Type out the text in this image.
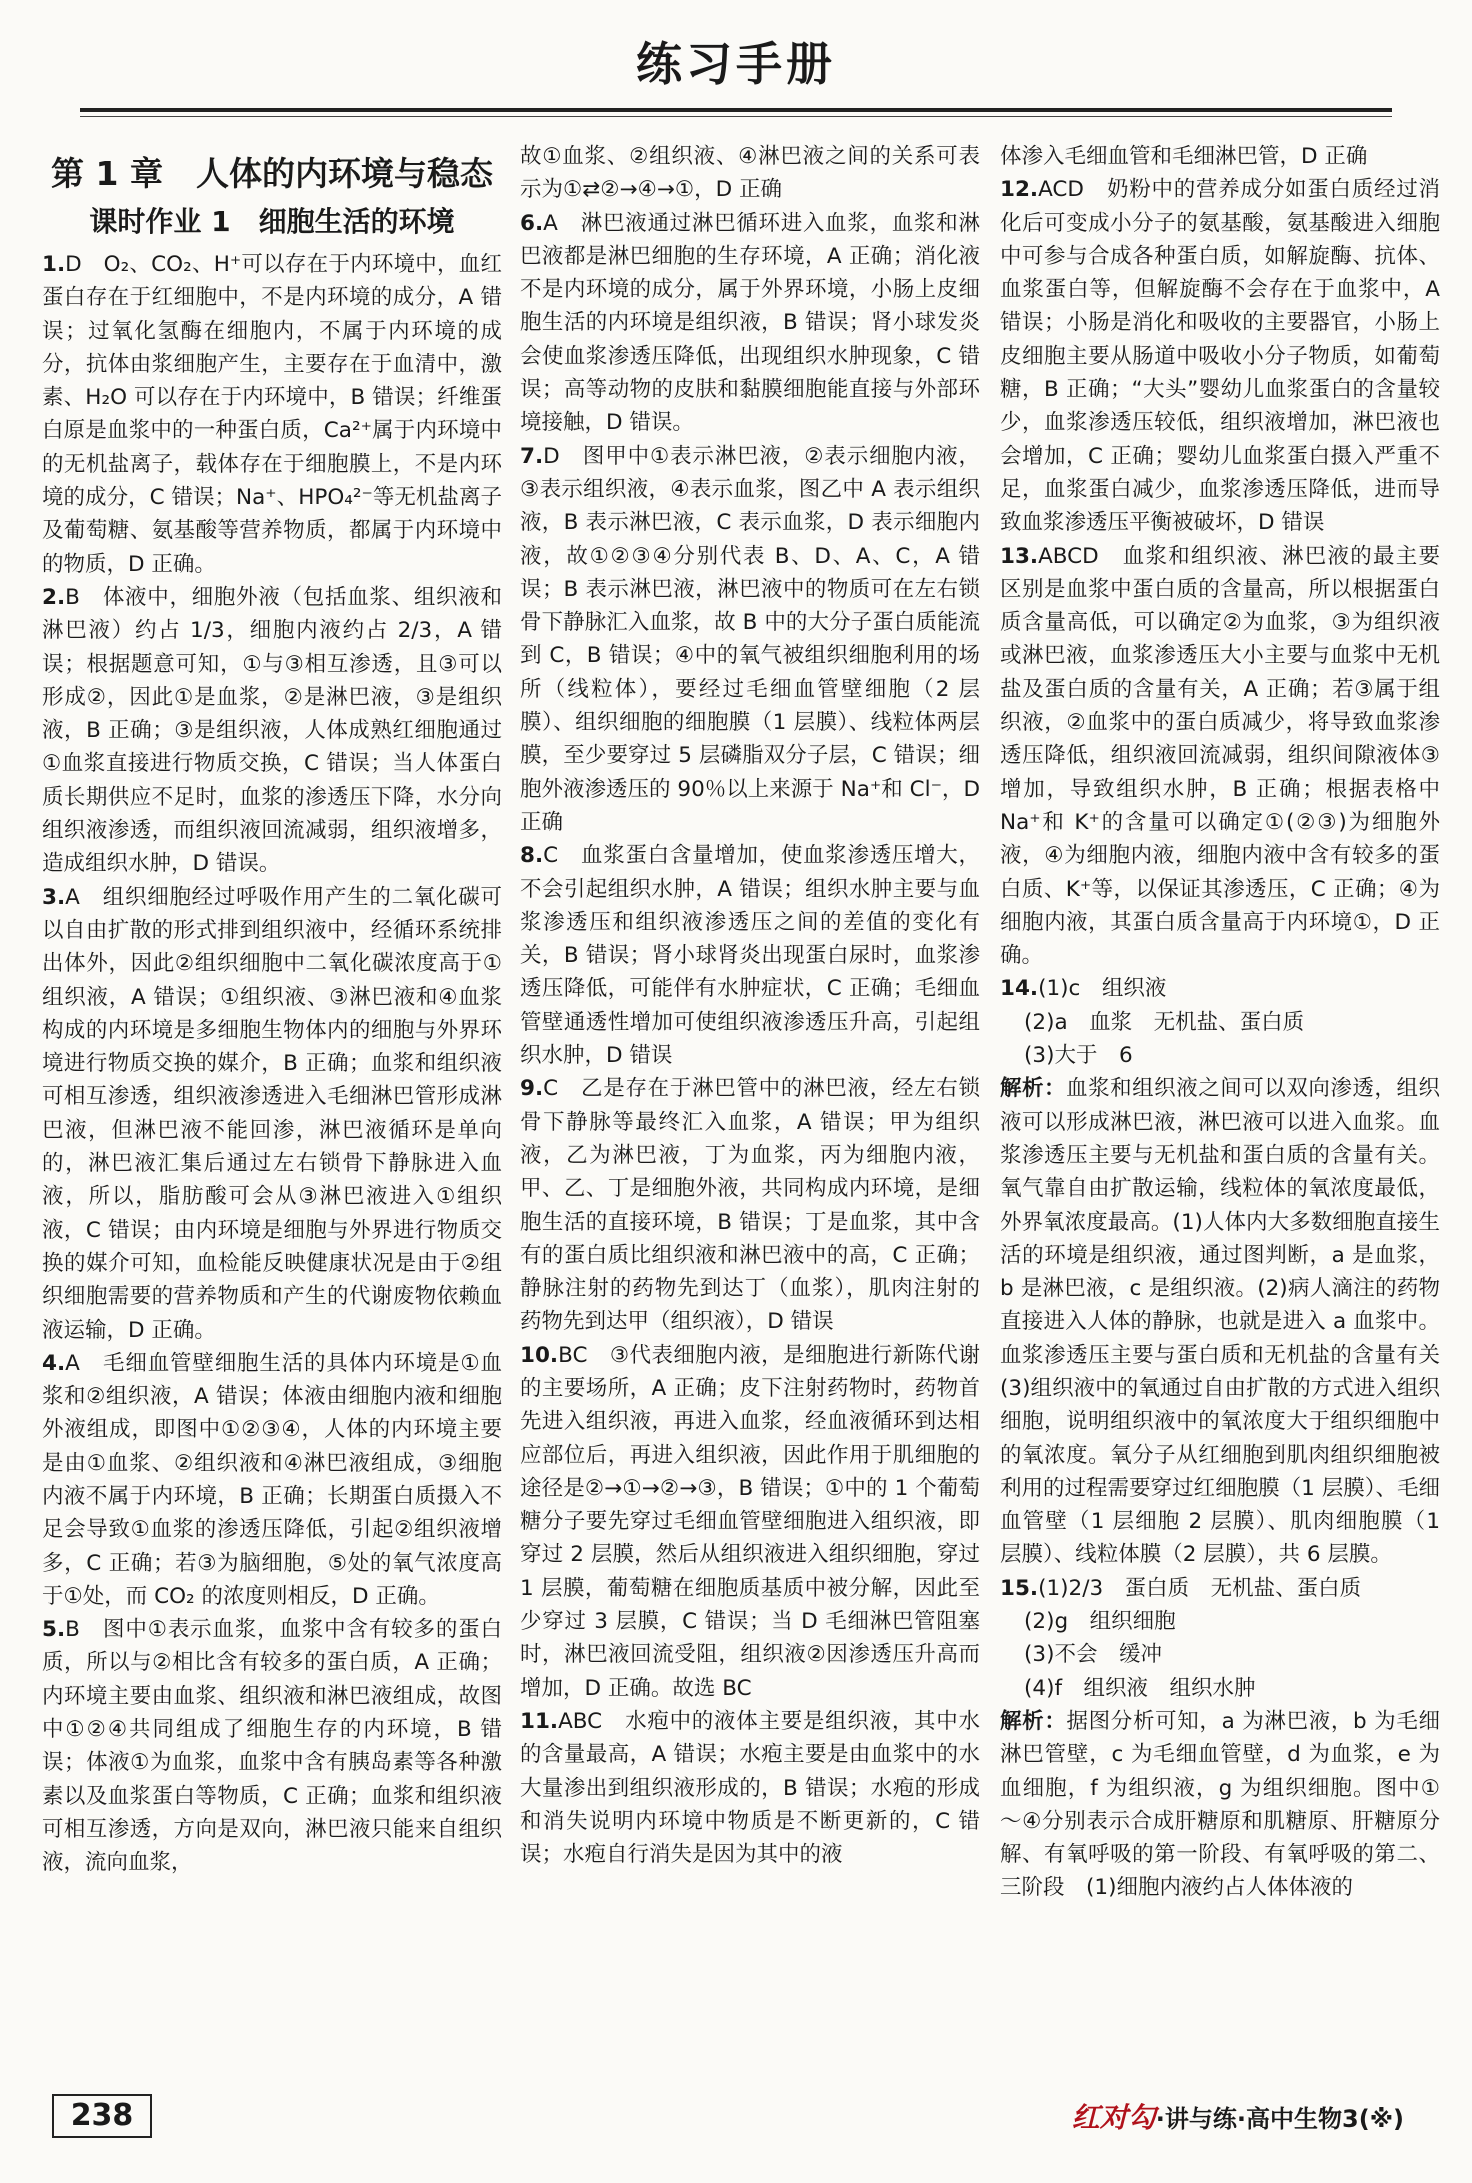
练习手册
第 1 章　人体的内环境与稳态
课时作业 1　细胞生活的环境

1.D　O₂、CO₂、H⁺可以存在于内环境中，血红蛋白存在于红细胞中，不是内环境的成分，A 错误；过氧化氢酶在细胞内，不属于内环境的成分，抗体由浆细胞产生，主要存在于血清中，激素、H₂O 可以存在于内环境中，B 错误；纤维蛋白原是血浆中的一种蛋白质，Ca²⁺属于内环境中的无机盐离子，载体存在于细胞膜上，不是内环境的成分，C 错误；Na⁺、HPO₄²⁻等无机盐离子及葡萄糖、氨基酸等营养物质，都属于内环境中的物质，D 正确。

2.B　体液中，细胞外液（包括血浆、组织液和淋巴液）约占 1/3，细胞内液约占 2/3，A 错误；根据题意可知，①与③相互渗透，且③可以形成②，因此①是血浆，②是淋巴液，③是组织液，B 正确；③是组织液，人体成熟红细胞通过①血浆直接进行物质交换，C 错误；当人体蛋白质长期供应不足时，血浆的渗透压下降，水分向组织液渗透，而组织液回流减弱，组织液增多，造成组织水肿，D 错误。

3.A　组织细胞经过呼吸作用产生的二氧化碳可以自由扩散的形式排到组织液中，经循环系统排出体外，因此②组织细胞中二氧化碳浓度高于①组织液，A 错误；①组织液、③淋巴液和④血浆构成的内环境是多细胞生物体内的细胞与外界环境进行物质交换的媒介，B 正确；血浆和组织液可相互渗透，组织液渗透进入毛细淋巴管形成淋巴液，但淋巴液不能回渗，淋巴液循环是单向的，淋巴液汇集后通过左右锁骨下静脉进入血液，所以，脂肪酸可会从③淋巴液进入①组织液，C 错误；由内环境是细胞与外界进行物质交换的媒介可知，血检能反映健康状况是由于②组织细胞需要的营养物质和产生的代谢废物依赖血液运输，D 正确。

4.A　毛细血管壁细胞生活的具体内环境是①血浆和②组织液，A 错误；体液由细胞内液和细胞外液组成，即图中①②③④，人体的内环境主要是由①血浆、②组织液和④淋巴液组成，③细胞内液不属于内环境，B 正确；长期蛋白质摄入不足会导致①血浆的渗透压降低，引起②组织液增多，C 正确；若③为脑细胞，⑤处的氧气浓度高于①处，而 CO₂ 的浓度则相反，D 正确。

5.B　图中①表示血浆，血浆中含有较多的蛋白质，所以与②相比含有较多的蛋白质，A 正确；内环境主要由血浆、组织液和淋巴液组成，故图中①②④共同组成了细胞生存的内环境，B 错误；体液①为血浆，血浆中含有胰岛素等各种激素以及血浆蛋白等物质，C 正确；血浆和组织液可相互渗透，方向是双向，淋巴液只能来自组织液，流向血浆，

故①血浆、②组织液、④淋巴液之间的关系可表示为①⇄②→④→①，D 正确

6.A　淋巴液通过淋巴循环进入血浆，血浆和淋巴液都是淋巴细胞的生存环境，A 正确；消化液不是内环境的成分，属于外界环境，小肠上皮细胞生活的内环境是组织液，B 错误；肾小球发炎会使血浆渗透压降低，出现组织水肿现象，C 错误；高等动物的皮肤和黏膜细胞能直接与外部环境接触，D 错误。

7.D　图甲中①表示淋巴液，②表示细胞内液，③表示组织液，④表示血浆，图乙中 A 表示组织液，B 表示淋巴液，C 表示血浆，D 表示细胞内液，故①②③④分别代表 B、D、A、C，A 错误；B 表示淋巴液，淋巴液中的物质可在左右锁骨下静脉汇入血浆，故 B 中的大分子蛋白质能流到 C，B 错误；④中的氧气被组织细胞利用的场所（线粒体），要经过毛细血管壁细胞（2 层膜）、组织细胞的细胞膜（1 层膜）、线粒体两层膜，至少要穿过 5 层磷脂双分子层，C 错误；细胞外液渗透压的 90％以上来源于 Na⁺和 Cl⁻，D 正确

8.C　血浆蛋白含量增加，使血浆渗透压增大，不会引起组织水肿，A 错误；组织水肿主要与血浆渗透压和组织液渗透压之间的差值的变化有关，B 错误；肾小球肾炎出现蛋白尿时，血浆渗透压降低，可能伴有水肿症状，C 正确；毛细血管壁通透性增加可使组织液渗透压升高，引起组织水肿，D 错误

9.C　乙是存在于淋巴管中的淋巴液，经左右锁骨下静脉等最终汇入血浆，A 错误；甲为组织液，乙为淋巴液，丁为血浆，丙为细胞内液，甲、乙、丁是细胞外液，共同构成内环境，是细胞生活的直接环境，B 错误；丁是血浆，其中含有的蛋白质比组织液和淋巴液中的高，C 正确；静脉注射的药物先到达丁（血浆），肌肉注射的药物先到达甲（组织液），D 错误

10.BC　③代表细胞内液，是细胞进行新陈代谢的主要场所，A 正确；皮下注射药物时，药物首先进入组织液，再进入血浆，经血液循环到达相应部位后，再进入组织液，因此作用于肌细胞的途径是②→①→②→③，B 错误；①中的 1 个葡萄糖分子要先穿过毛细血管壁细胞进入组织液，即穿过 2 层膜，然后从组织液进入组织细胞，穿过 1 层膜，葡萄糖在细胞质基质中被分解，因此至少穿过 3 层膜，C 错误；当 D 毛细淋巴管阻塞时，淋巴液回流受阻，组织液②因渗透压升高而增加，D 正确。故选 BC

11.ABC　水疱中的液体主要是组织液，其中水的含量最高，A 错误；水疱主要是由血浆中的水大量渗出到组织液形成的，B 错误；水疱的形成和消失说明内环境中物质是不断更新的，C 错误；水疱自行消失是因为其中的液

体渗入毛细血管和毛细淋巴管，D 正确

12.ACD　奶粉中的营养成分如蛋白质经过消化后可变成小分子的氨基酸，氨基酸进入细胞中可参与合成各种蛋白质，如解旋酶、抗体、血浆蛋白等，但解旋酶不会存在于血浆中，A 错误；小肠是消化和吸收的主要器官，小肠上皮细胞主要从肠道中吸收小分子物质，如葡萄糖，B 正确；“大头”婴幼儿血浆蛋白的含量较少，血浆渗透压较低，组织液增加，淋巴液也会增加，C 正确；婴幼儿血浆蛋白摄入严重不足，血浆蛋白减少，血浆渗透压降低，进而导致血浆渗透压平衡被破坏，D 错误

13.ABCD　血浆和组织液、淋巴液的最主要区别是血浆中蛋白质的含量高，所以根据蛋白质含量高低，可以确定②为血浆，③为组织液或淋巴液，血浆渗透压大小主要与血浆中无机盐及蛋白质的含量有关，A 正确；若③属于组织液，②血浆中的蛋白质减少，将导致血浆渗透压降低，组织液回流减弱，组织间隙液体③增加，导致组织水肿，B 正确；根据表格中 Na⁺和 K⁺的含量可以确定①(②③)为细胞外液，④为细胞内液，细胞内液中含有较多的蛋白质、K⁺等，以保证其渗透压，C 正确；④为细胞内液，其蛋白质含量高于内环境①，D 正确。

14.(1)c　组织液

(2)a　血浆　无机盐、蛋白质

(3)大于　6

解析：血浆和组织液之间可以双向渗透，组织液可以形成淋巴液，淋巴液可以进入血浆。血浆渗透压主要与无机盐和蛋白质的含量有关。氧气靠自由扩散运输，线粒体的氧浓度最低，外界氧浓度最高。(1)人体内大多数细胞直接生活的环境是组织液，通过图判断，a 是血浆，b 是淋巴液，c 是组织液。(2)病人滴注的药物直接进入人体的静脉，也就是进入 a 血浆中。血浆渗透压主要与蛋白质和无机盐的含量有关　(3)组织液中的氧通过自由扩散的方式进入组织细胞，说明组织液中的氧浓度大于组织细胞中的氧浓度。氧分子从红细胞到肌肉组织细胞被利用的过程需要穿过红细胞膜（1 层膜）、毛细血管壁（1 层细胞 2 层膜）、肌肉细胞膜（1 层膜）、线粒体膜（2 层膜），共 6 层膜。

15.(1)2/3　蛋白质　无机盐、蛋白质

(2)g　组织细胞

(3)不会　缓冲

(4)f　组织液　组织水肿

解析：据图分析可知，a 为淋巴液，b 为毛细淋巴管壁，c 为毛细血管壁，d 为血浆，e 为血细胞，f 为组织液，g 为组织细胞。图中①～④分别表示合成肝糖原和肌糖原、肝糖原分解、有氧呼吸的第一阶段、有氧呼吸的第二、三阶段　(1)细胞内液约占人体体液的

238	红对勾·讲与练·高中生物3(※)
